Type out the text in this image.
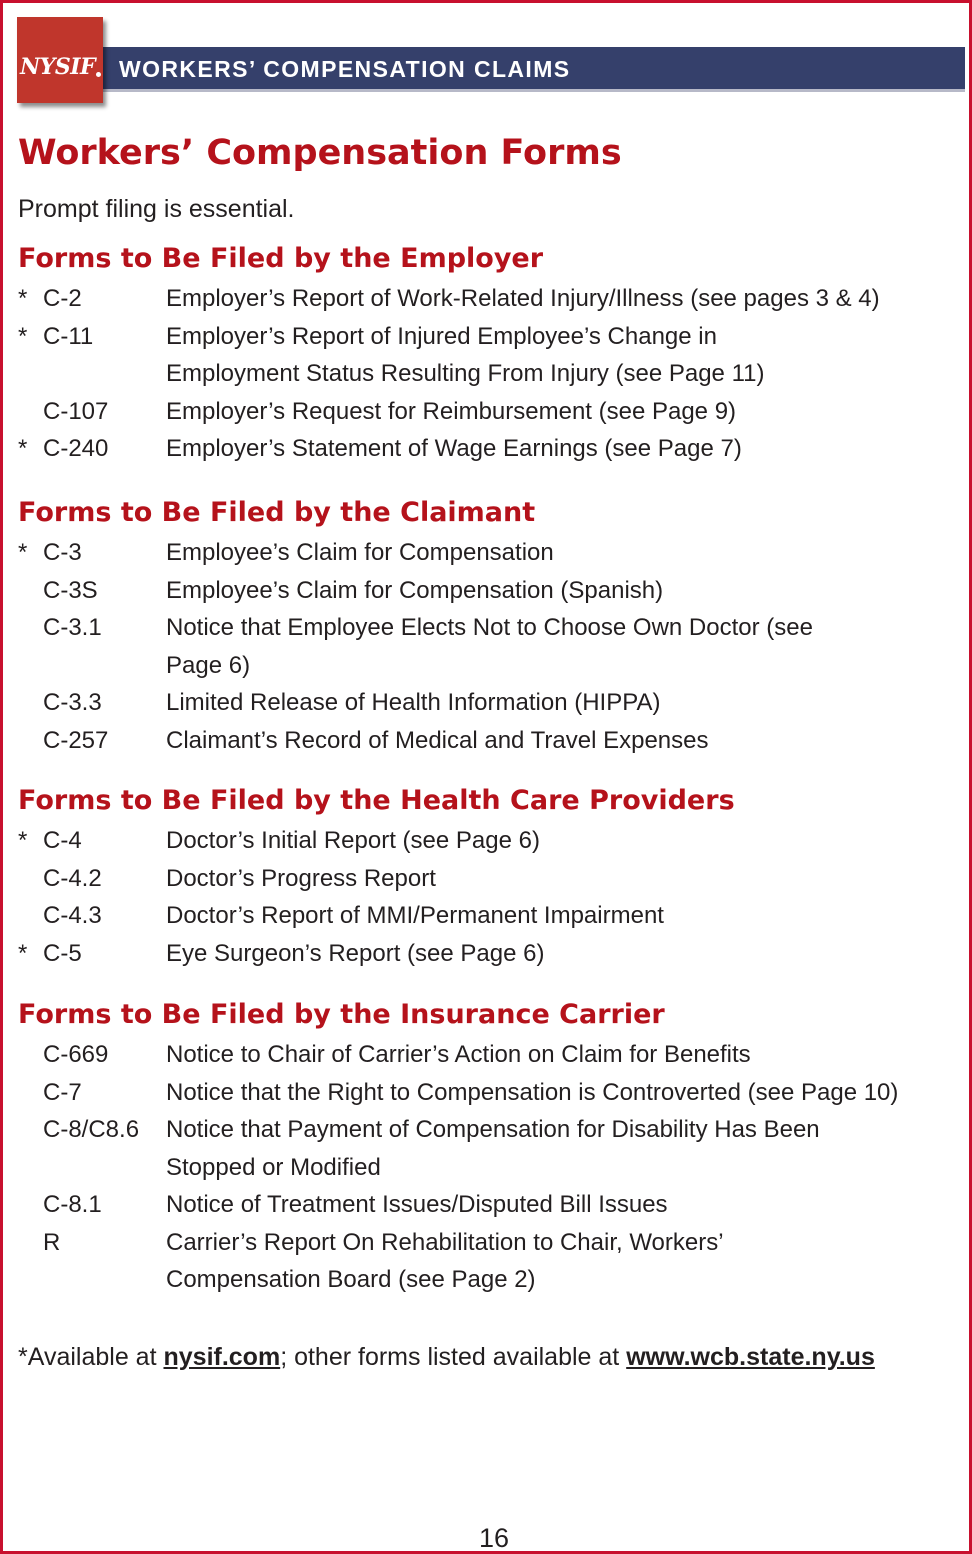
WORKERS’ COMPENSATION CLAIMS
NYSIF
Workers’ Compensation Forms
Prompt filing is essential.
Forms to Be Filed by the Employer
* C-2	Employer’s Report of Work-Related Injury/Illness (see pages 3 & 4)
* C-11	Employer’s Report of Injured Employee’s Change in
Employment Status Resulting From Injury (see Page 11)
C-107 Employer’s Request for Reimbursement (see Page 9)
* C-240 Employer’s Statement of Wage Earnings (see Page 7)
Forms to Be Filed by the Claimant
* C-3	Employee’s Claim for Compensation
C-3S	Employee’s Claim for Compensation (Spanish)
C-3.1	Notice that Employee Elects Not to Choose Own Doctor (see
Page 6)
C-3.3	Limited Release of Health Information (HIPPA)
C-257 Claimant’s Record of Medical and Travel Expenses
Forms to Be Filed by the Health Care Providers
* C-4	Doctor’s Initial Report (see Page 6)
C-4.2	Doctor’s Progress Report
C-4.3	Doctor’s Report of MMI/Permanent Impairment
* C-5	Eye Surgeon’s Report (see Page 6)
Forms to Be Filed by the Insurance Carrier
C-669 Notice to Chair of Carrier’s Action on Claim for Benefits
C-7	Notice that the Right to Compensation is Controverted (see Page 10)
C-8/C8.6 Notice that Payment of Compensation for Disability Has Been
Stopped or Modified
C-8.1	Notice of Treatment Issues/Disputed Bill Issues
R	Carrier’s Report On Rehabilitation to Chair, Workers’
Compensation Board (see Page 2)
*Available at nysif.com; other forms listed available at www.wcb.state.ny.us
16
